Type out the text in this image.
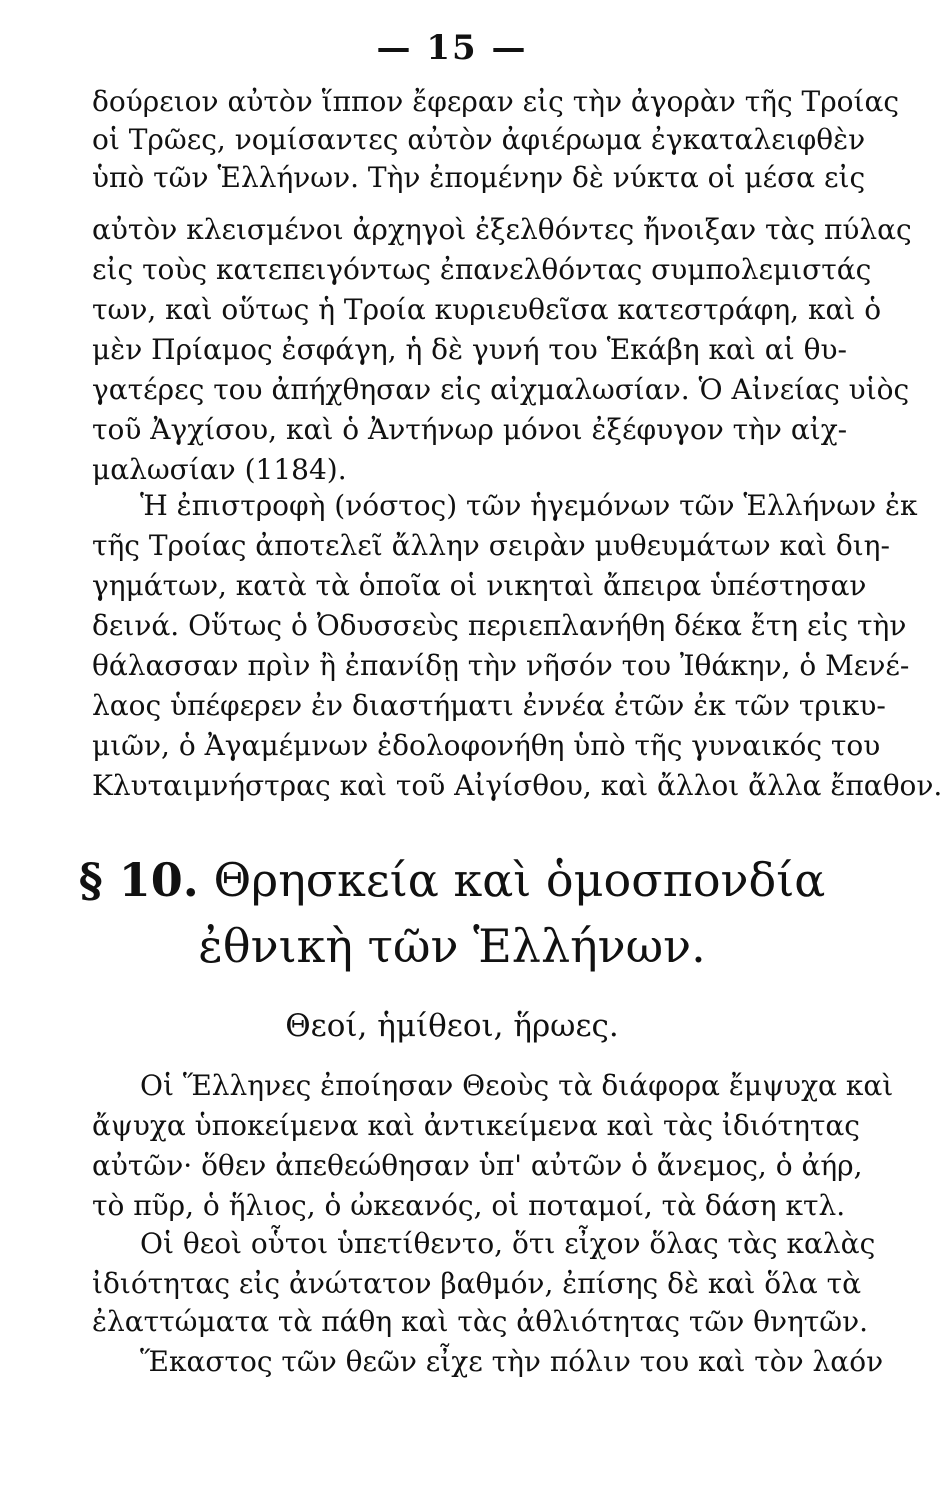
— 15 —
δούρειον αὐτὸν ἵππον ἔφεραν εἰς τὴν ἀγορὰν τῆς Τροίας
οἱ Τρῶες, νομίσαντες αὐτὸν ἀφιέρωμα ἐγκαταλειφθὲν
ὑπὸ τῶν Ἑλλήνων. Τὴν ἐπομένην δὲ νύκτα οἱ μέσα εἰς
αὐτὸν κλεισμένοι ἀρχηγοὶ ἐξελθόντες ἤνοιξαν τὰς πύλας
εἰς τοὺς κατεπειγόντως ἐπανελθόντας συμπολεμιστάς
των, καὶ οὕτως ἡ Τροία κυριευθεῖσα κατεστράφη, καὶ ὁ
μὲν Πρίαμος ἐσφάγη, ἡ δὲ γυνή του Ἑκάβη καὶ αἱ θυ-
γατέρες του ἀπήχθησαν εἰς αἰχμαλωσίαν. Ὁ Αἰνείας υἱὸς
τοῦ Ἀγχίσου, καὶ ὁ Ἀντήνωρ μόνοι ἐξέφυγον τὴν αἰχ-
μαλωσίαν (1184).
Ἡ ἐπιστροφὴ (νόστος) τῶν ἡγεμόνων τῶν Ἑλλήνων ἐκ
τῆς Τροίας ἀποτελεῖ ἄλλην σειρὰν μυθευμάτων καὶ διη-
γημάτων, κατὰ τὰ ὁποῖα οἱ νικηταὶ ἄπειρα ὑπέστησαν
δεινά. Οὕτως ὁ Ὀδυσσεὺς περιεπλανήθη δέκα ἔτη εἰς τὴν
θάλασσαν πρὶν ἢ ἐπανίδῃ τὴν νῆσόν του Ἰθάκην, ὁ Μενέ-
λαος ὑπέφερεν ἐν διαστήματι ἐννέα ἐτῶν ἐκ τῶν τρικυ-
μιῶν, ὁ Ἀγαμέμνων ἐδολοφονήθη ὑπὸ τῆς γυναικός του
Κλυταιμνήστρας καὶ τοῦ Αἰγίσθου, καὶ ἄλλοι ἄλλα ἔπαθον.
§ 10. Θρησκεία καὶ ὁμοσπονδία
ἐθνικὴ τῶν Ἑλλήνων.
Θεοί, ἡμίθεοι, ἥρωες.
Οἱ Ἕλληνες ἐποίησαν Θεοὺς τὰ διάφορα ἔμψυχα καὶ
ἄψυχα ὑποκείμενα καὶ ἀντικείμενα καὶ τὰς ἰδιότητας
αὐτῶν· ὅθεν ἀπεθεώθησαν ὑπ' αὐτῶν ὁ ἄνεμος, ὁ ἀήρ,
τὸ πῦρ, ὁ ἥλιος, ὁ ὠκεανός, οἱ ποταμοί, τὰ δάση κτλ.
Οἱ θεοὶ οὗτοι ὑπετίθεντο, ὅτι εἶχον ὅλας τὰς καλὰς
ἰδιότητας εἰς ἀνώτατον βαθμόν, ἐπίσης δὲ καὶ ὅλα τὰ
ἐλαττώματα τὰ πάθη καὶ τὰς ἀθλιότητας τῶν θνητῶν.
Ἕκαστος τῶν θεῶν εἶχε τὴν πόλιν του καὶ τὸν λαόν
